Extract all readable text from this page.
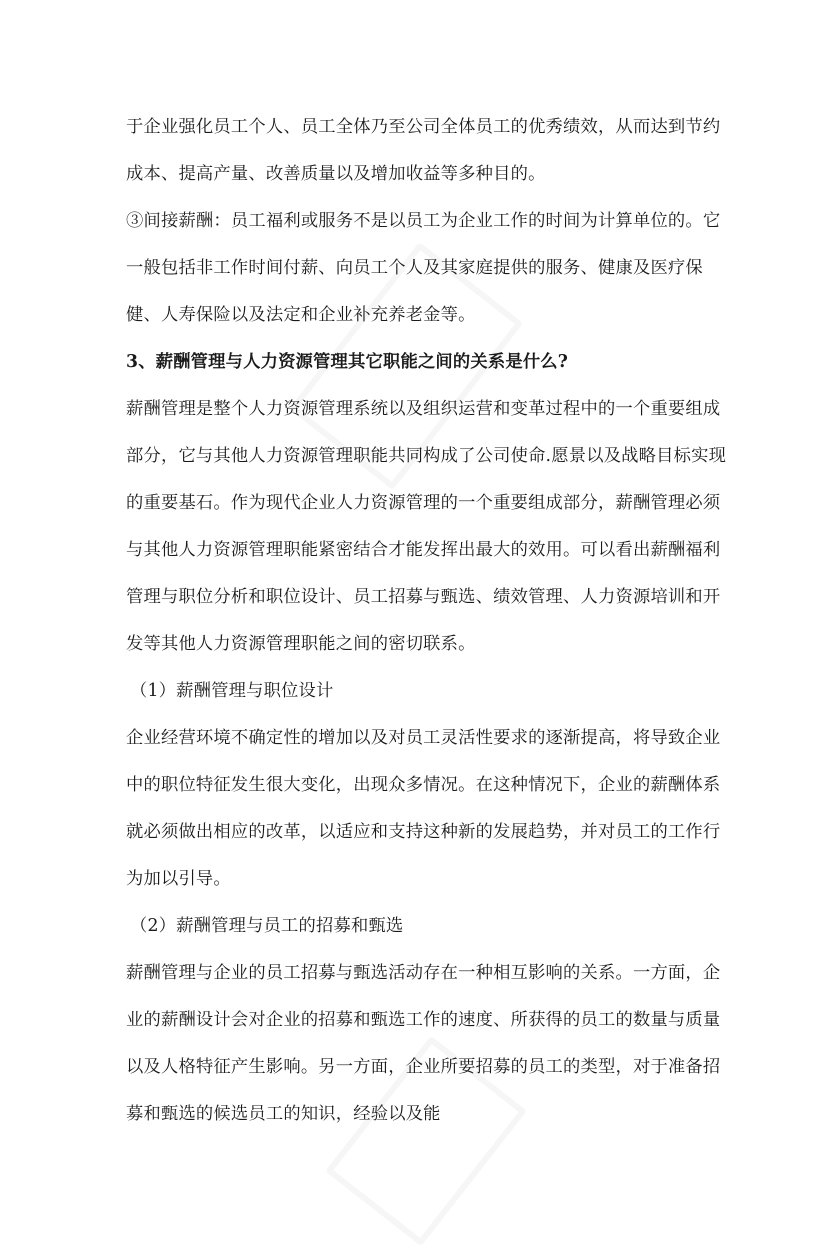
于企业强化员工个人、员工全体乃至公司全体员工的优秀绩效，从而达到节约
成本、提高产量、改善质量以及增加收益等多种目的。
③间接薪酬：员工福利或服务不是以员工为企业工作的时间为计算单位的。它
一般包括非工作时间付薪、向员工个人及其家庭提供的服务、健康及医疗保
健、人寿保险以及法定和企业补充养老金等。
3、薪酬管理与人力资源管理其它职能之间的关系是什么?
薪酬管理是整个人力资源管理系统以及组织运营和变革过程中的一个重要组成
部分，它与其他人力资源管理职能共同构成了公司使命.愿景以及战略目标实现
的重要基石。作为现代企业人力资源管理的一个重要组成部分，薪酬管理必须
与其他人力资源管理职能紧密结合才能发挥出最大的效用。可以看出薪酬福利
管理与职位分析和职位设计、员工招募与甄选、绩效管理、人力资源培训和开
发等其他人力资源管理职能之间的密切联系。
（1）薪酬管理与职位设计
企业经营环境不确定性的增加以及对员工灵活性要求的逐渐提高，将导致企业
中的职位特征发生很大变化，出现众多情况。在这种情况下，企业的薪酬体系
就必须做出相应的改革，以适应和支持这种新的发展趋势，并对员工的工作行
为加以引导。
（2）薪酬管理与员工的招募和甄选
薪酬管理与企业的员工招募与甄选活动存在一种相互影响的关系。一方面，企
业的薪酬设计会对企业的招募和甄选工作的速度、所获得的员工的数量与质量
以及人格特征产生影响。另一方面，企业所要招募的员工的类型，对于准备招
募和甄选的候选员工的知识，经验以及能
